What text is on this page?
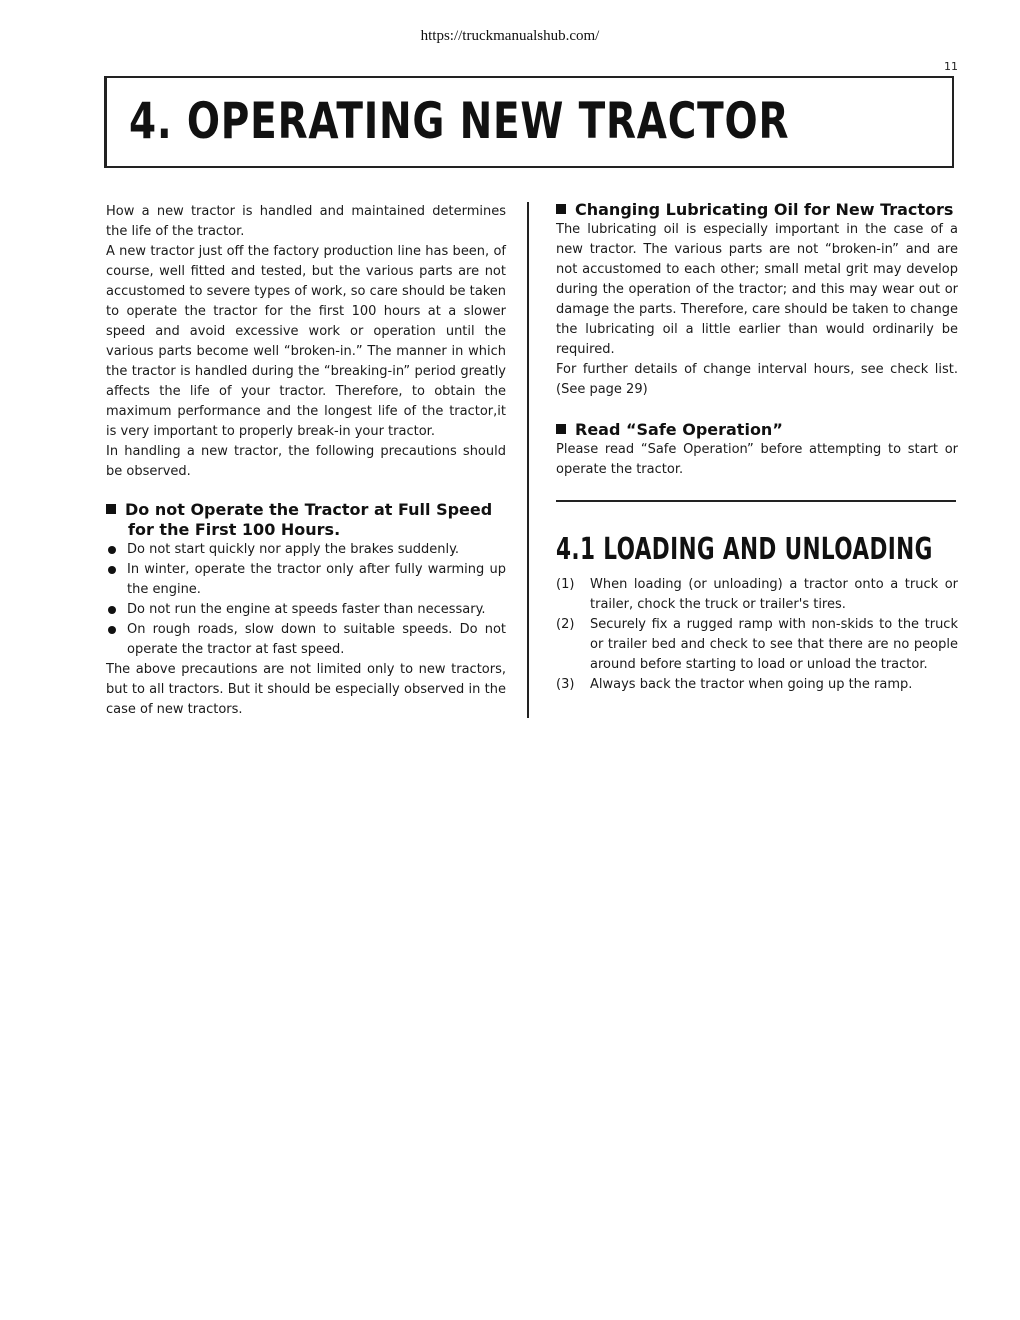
https://truckmanualshub.com/
11
4. OPERATING NEW TRACTOR

How a new tractor is handled and maintained determines the life of the tractor.

A new tractor just off the factory production line has been, of course, well fitted and tested, but the various parts are not accustomed to severe types of work, so care should be taken to operate the tractor for the first 100 hours at a slower speed and avoid excessive work or operation until the various parts become well “broken-in.” The manner in which the tractor is handled during the “breaking-in” period greatly affects the life of your tractor. Therefore, to obtain the maximum performance and the longest life of the tractor,it is very important to properly break-in your tractor.

In handling a new tractor, the following precautions should be observed.

Do not Operate the Tractor at Full Speed for the First 100 Hours.
Do not start quickly nor apply the brakes suddenly.
In winter, operate the tractor only after fully warming up the engine.
Do not run the engine at speeds faster than necessary.
On rough roads, slow down to suitable speeds. Do not operate the tractor at fast speed.

The above precautions are not limited only to new tractors, but to all tractors. But it should be especially observed in the case of new tractors.

Changing Lubricating Oil for New Tractors

The lubricating oil is especially important in the case of a new tractor. The various parts are not “broken-in” and are not accustomed to each other; small metal grit may develop during the operation of the tractor; and this may wear out or damage the parts. Therefore, care should be taken to change the lubricating oil a little earlier than would ordinarily be required.

For further details of change interval hours, see check list.(See page 29)

Read “Safe Operation”

Please read “Safe Operation” before attempting to start or operate the tractor.

4.1 LOADING AND UNLOADING
(1) When loading (or unloading) a tractor onto a truck or trailer, chock the truck or trailer's tires.
(2) Securely fix a rugged ramp with non-skids to the truck or trailer bed and check to see that there are no people around before starting to load or unload the tractor.
(3) Always back the tractor when going up the ramp.
